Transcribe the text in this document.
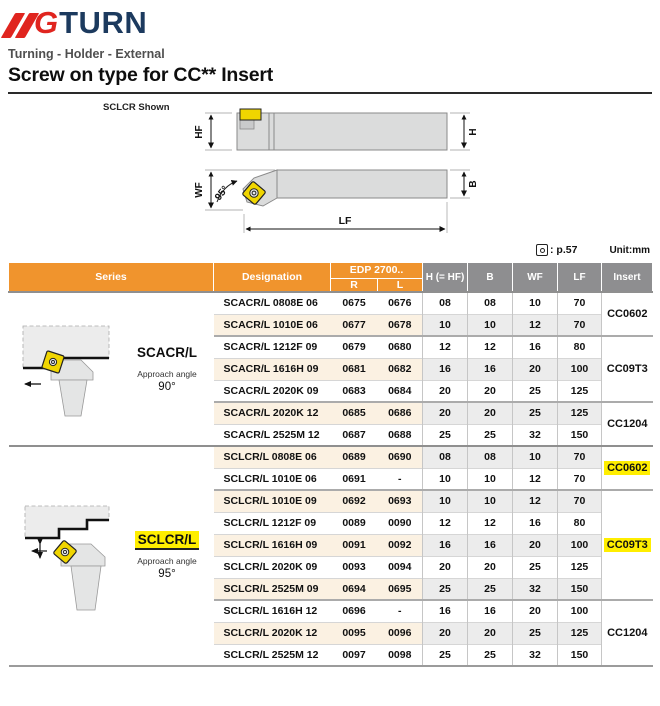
G TURN
Turning - Holder - External
Screw on type for CC** Insert
SCLCR Shown
HF	H
95°
WF	B
LF
: p.57	Unit:mm
Series	Designation	EDP 2700..		H (= HF)	B	WF	LF	Insert
		R	L					

SCACR/L
Approach angle
90°	SCACR/L 0808E 06	0675	0676	08	08	10	70	CC0602
	SCACR/L 1010E 06	0677	0678	10	10	12	70	
	SCACR/L 1212F 09	0679	0680	12	12	16	80	CC09T3
	SCACR/L 1616H 09	0681	0682	16	16	20	100	
	SCACR/L 2020K 09	0683	0684	20	20	25	125	
	SCACR/L 2020K 12	0685	0686	20	20	25	125	CC1204
	SCACR/L 2525M 12	0687	0688	25	25	32	150	

SCLCR/L
Approach angle
95°	SCLCR/L 0808E 06	0689	0690	08	08	10	70	CC0602
	SCLCR/L 1010E 06	0691	-	10	10	12	70	
	SCLCR/L 1010E 09	0692	0693	10	10	12	70	CC09T3
	SCLCR/L 1212F 09	0089	0090	12	12	16	80	
	SCLCR/L 1616H 09	0091	0092	16	16	20	100	
	SCLCR/L 2020K 09	0093	0094	20	20	25	125	
	SCLCR/L 2525M 09	0694	0695	25	25	32	150	
	SCLCR/L 1616H 12	0696	-	16	16	20	100	CC1204
	SCLCR/L 2020K 12	0095	0096	20	20	25	125	
	SCLCR/L 2525M 12	0097	0098	25	25	32	150	
